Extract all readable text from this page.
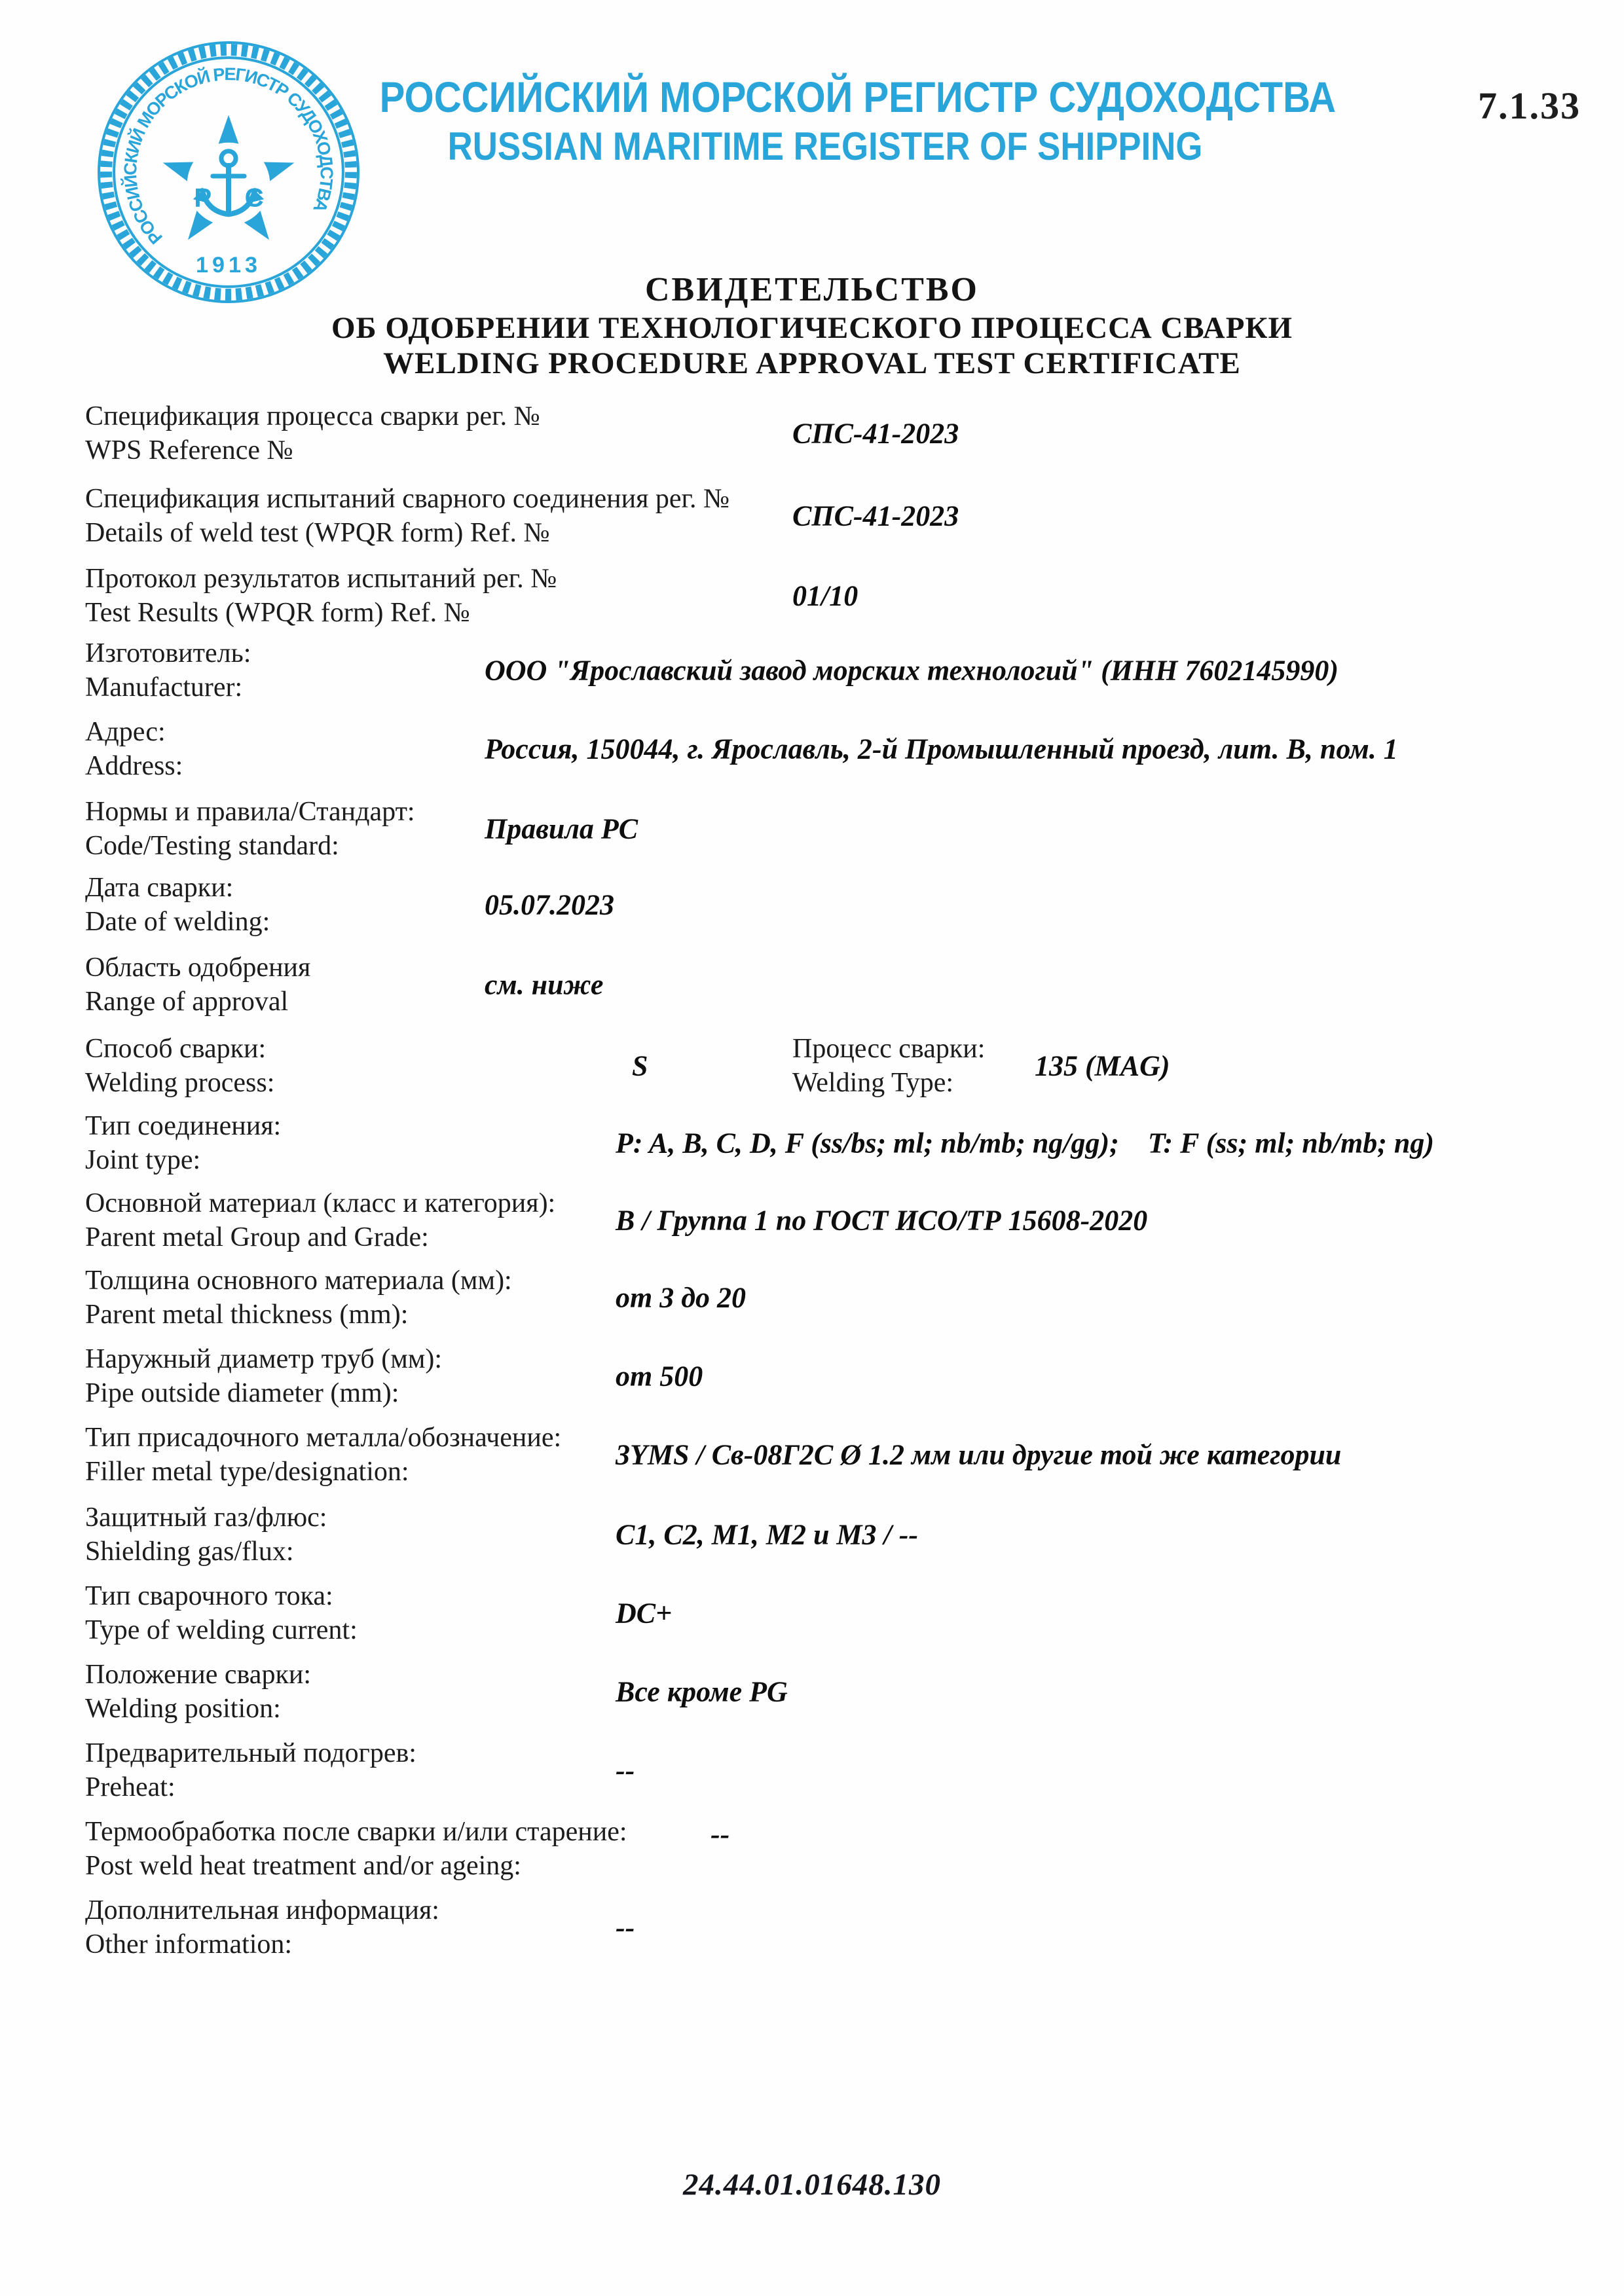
РОССИЙСКИЙ МОРСКОЙ РЕГИСТР СУДОХОДСТВА
Р С
1913
РОССИЙСКИЙ МОРСКОЙ РЕГИСТР СУДОХОДСТВА
RUSSIAN MARITIME REGISTER OF SHIPPING
7.1.33
СВИДЕТЕЛЬСТВО
ОБ ОДОБРЕНИИ ТЕХНОЛОГИЧЕСКОГО ПРОЦЕССА СВАРКИ
WELDING PROCEDURE APPROVAL TEST CERTIFICATE
Спецификация процесса сварки рег. №
WPS Reference №
СПС-41-2023
Спецификация испытаний сварного соединения рег. №
Details of weld test (WPQR form) Ref. №
СПС-41-2023
Протокол результатов испытаний рег. №
Test Results (WPQR form) Ref. №
01/10
Изготовитель:
Manufacturer:
ООО "Ярославский завод морских технологий" (ИНН 7602145990)
Адрес:
Address:
Россия, 150044, г. Ярославль, 2-й Промышленный проезд, лит. В, пом. 1
Нормы и правила/Стандарт:
Code/Testing standard:
Правила РС
Дата сварки:
Date of welding:
05.07.2023
Область одобрения
Range of approval
см. ниже
Способ сварки:
Welding process:
S
Процесс сварки:
Welding Type:
135 (MAG)
Тип соединения:
Joint type:
P: A, B, C, D, F (ss/bs; ml; nb/mb; ng/gg);    T: F (ss; ml; nb/mb; ng)
Основной материал (класс и категория):
Parent metal Group and Grade:
В / Группа 1 по ГОСТ ИСО/ТР 15608-2020
Толщина основного материала (мм):
Parent metal thickness (mm):
от 3 до 20
Наружный диаметр труб (мм):
Pipe outside diameter (mm):
от 500
Тип присадочного металла/обозначение:
Filler metal type/designation:
3YMS / Св-08Г2С Ø 1.2 мм или другие той же категории
Защитный газ/флюс:
Shielding gas/flux:
C1, C2, M1, M2 и М3 / --
Тип сварочного тока:
Type of welding current:
DC+
Положение сварки:
Welding position:
Все кроме PG
Предварительный подогрев:
Preheat:
--
Термообработка после сварки и/или старение:
Post weld heat treatment and/or ageing:
--
Дополнительная информация:
Other information:
--
24.44.01.01648.130
